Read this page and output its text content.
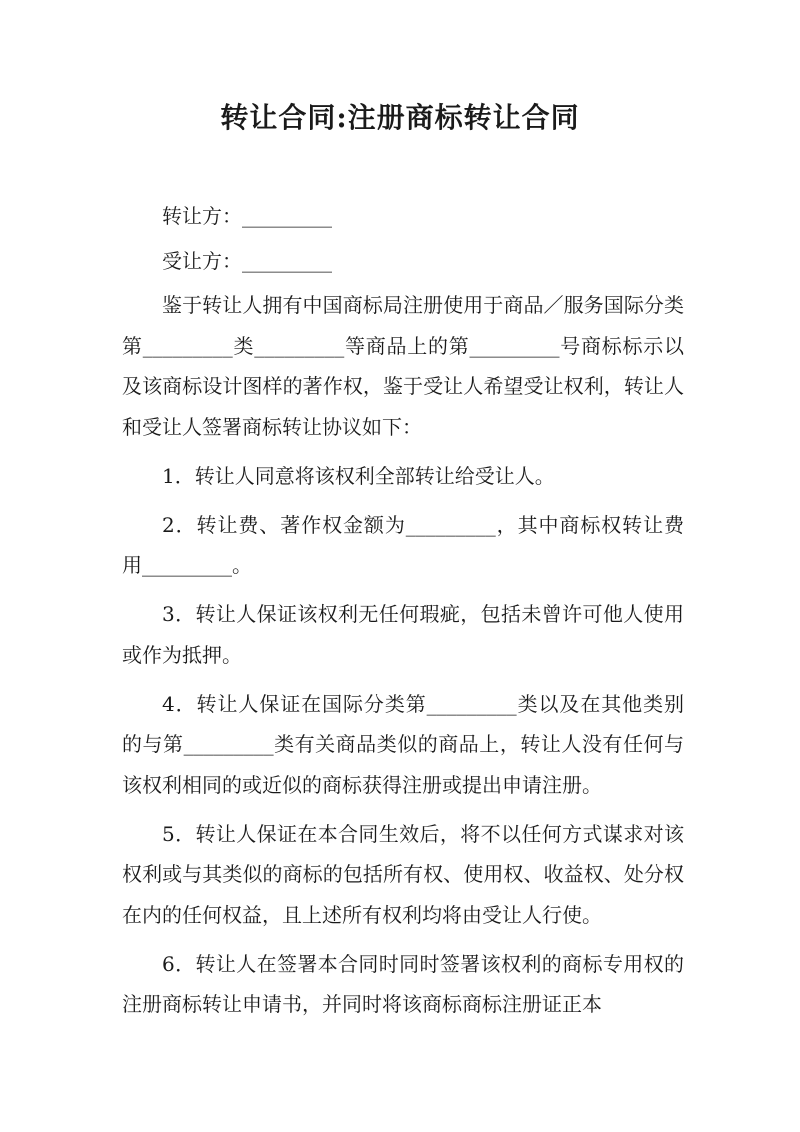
转让合同:注册商标转让合同

转让方：_________

受让方：_________

鉴于转让人拥有中国商标局注册使用于商品／服务国际分类第_________类_________等商品上的第_________号商标标示以及该商标设计图样的著作权，鉴于受让人希望受让权利，转让人和受让人签署商标转让协议如下：

1．转让人同意将该权利全部转让给受让人。

2．转让费、著作权金额为_________，其中商标权转让费用_________。

3．转让人保证该权利无任何瑕疵，包括未曾许可他人使用或作为抵押。

4．转让人保证在国际分类第_________类以及在其他类别的与第_________类有关商品类似的商品上，转让人没有任何与该权利相同的或近似的商标获得注册或提出申请注册。

5．转让人保证在本合同生效后，将不以任何方式谋求对该权利或与其类似的商标的包括所有权、使用权、收益权、处分权在内的任何权益，且上述所有权利均将由受让人行使。

6．转让人在签署本合同时同时签署该权利的商标专用权的注册商标转让申请书，并同时将该商标商标注册证正本
